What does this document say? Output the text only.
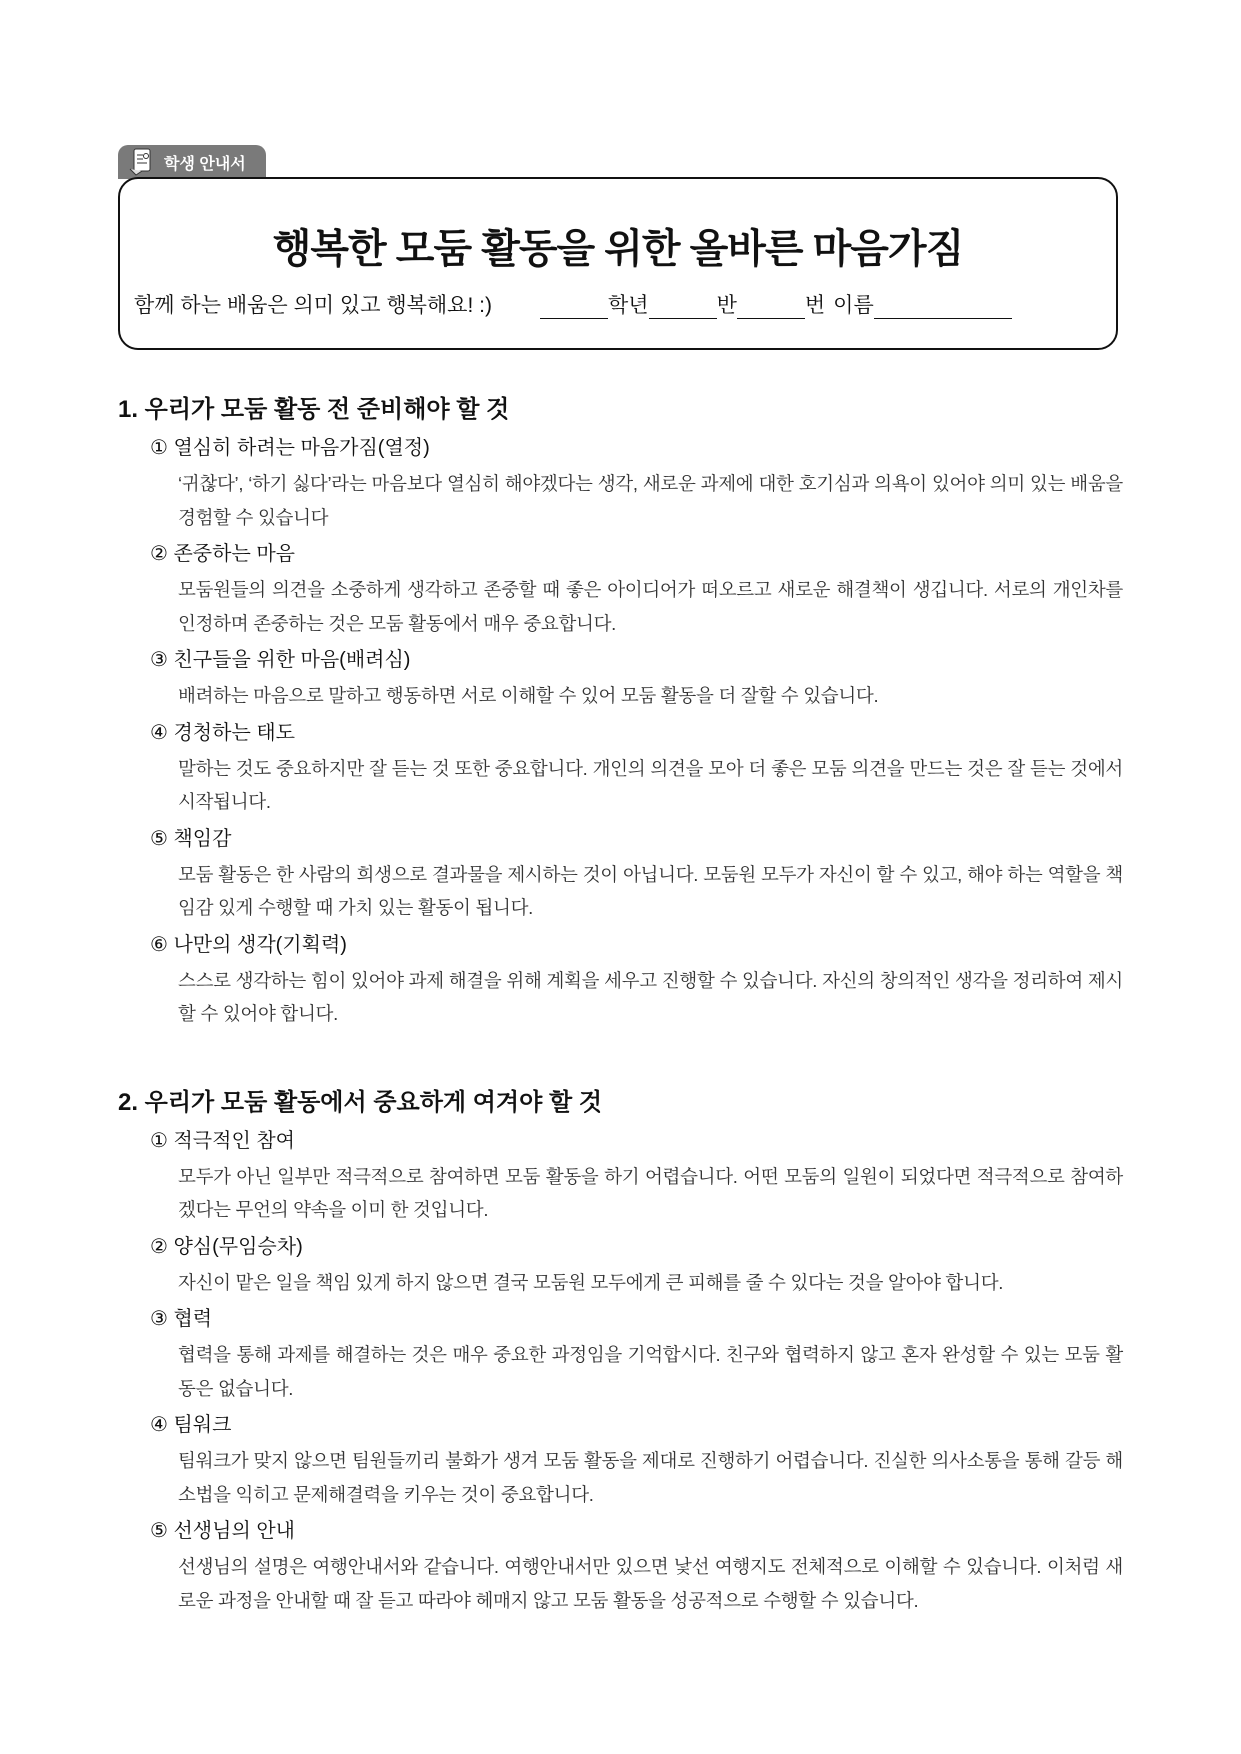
학생 안내서
행복한 모둠 활동을 위한 올바른 마음가짐
함께 하는 배움은 의미 있고 행복해요! :)	학년	반	번 이름
1. 우리가 모둠 활동 전 준비해야 할 것
① 열심히 하려는 마음가짐(열정)
‘귀찮다’, ‘하기 싫다’라는 마음보다 열심히 해야겠다는 생각, 새로운 과제에 대한 호기심과 의욕이 있어야 의미 있는 배움을 경험할 수 있습니다
② 존중하는 마음
모둠원들의 의견을 소중하게 생각하고 존중할 때 좋은 아이디어가 떠오르고 새로운 해결책이 생깁니다. 서로의 개인차를 인정하며 존중하는 것은 모둠 활동에서 매우 중요합니다.
③ 친구들을 위한 마음(배려심)
배려하는 마음으로 말하고 행동하면 서로 이해할 수 있어 모둠 활동을 더 잘할 수 있습니다.
④ 경청하는 태도
말하는 것도 중요하지만 잘 듣는 것 또한 중요합니다. 개인의 의견을 모아 더 좋은 모둠 의견을 만드는 것은 잘 듣는 것에서 시작됩니다.
⑤ 책임감
모둠 활동은 한 사람의 희생으로 결과물을 제시하는 것이 아닙니다. 모둠원 모두가 자신이 할 수 있고, 해야 하는 역할을 책임감 있게 수행할 때 가치 있는 활동이 됩니다.
⑥ 나만의 생각(기획력)
스스로 생각하는 힘이 있어야 과제 해결을 위해 계획을 세우고 진행할 수 있습니다. 자신의 창의적인 생각을 정리하여 제시할 수 있어야 합니다.
2. 우리가 모둠 활동에서 중요하게 여겨야 할 것
① 적극적인 참여
모두가 아닌 일부만 적극적으로 참여하면 모둠 활동을 하기 어렵습니다. 어떤 모둠의 일원이 되었다면 적극적으로 참여하겠다는 무언의 약속을 이미 한 것입니다.
② 양심(무임승차)
자신이 맡은 일을 책임 있게 하지 않으면 결국 모둠원 모두에게 큰 피해를 줄 수 있다는 것을 알아야 합니다.
③ 협력
협력을 통해 과제를 해결하는 것은 매우 중요한 과정임을 기억합시다. 친구와 협력하지 않고 혼자 완성할 수 있는 모둠 활동은 없습니다.
④ 팀워크
팀워크가 맞지 않으면 팀원들끼리 불화가 생겨 모둠 활동을 제대로 진행하기 어렵습니다. 진실한 의사소통을 통해 갈등 해소법을 익히고 문제해결력을 키우는 것이 중요합니다.
⑤ 선생님의 안내
선생님의 설명은 여행안내서와 같습니다. 여행안내서만 있으면 낯선 여행지도 전체적으로 이해할 수 있습니다. 이처럼 새로운 과정을 안내할 때 잘 듣고 따라야 헤매지 않고 모둠 활동을 성공적으로 수행할 수 있습니다.
